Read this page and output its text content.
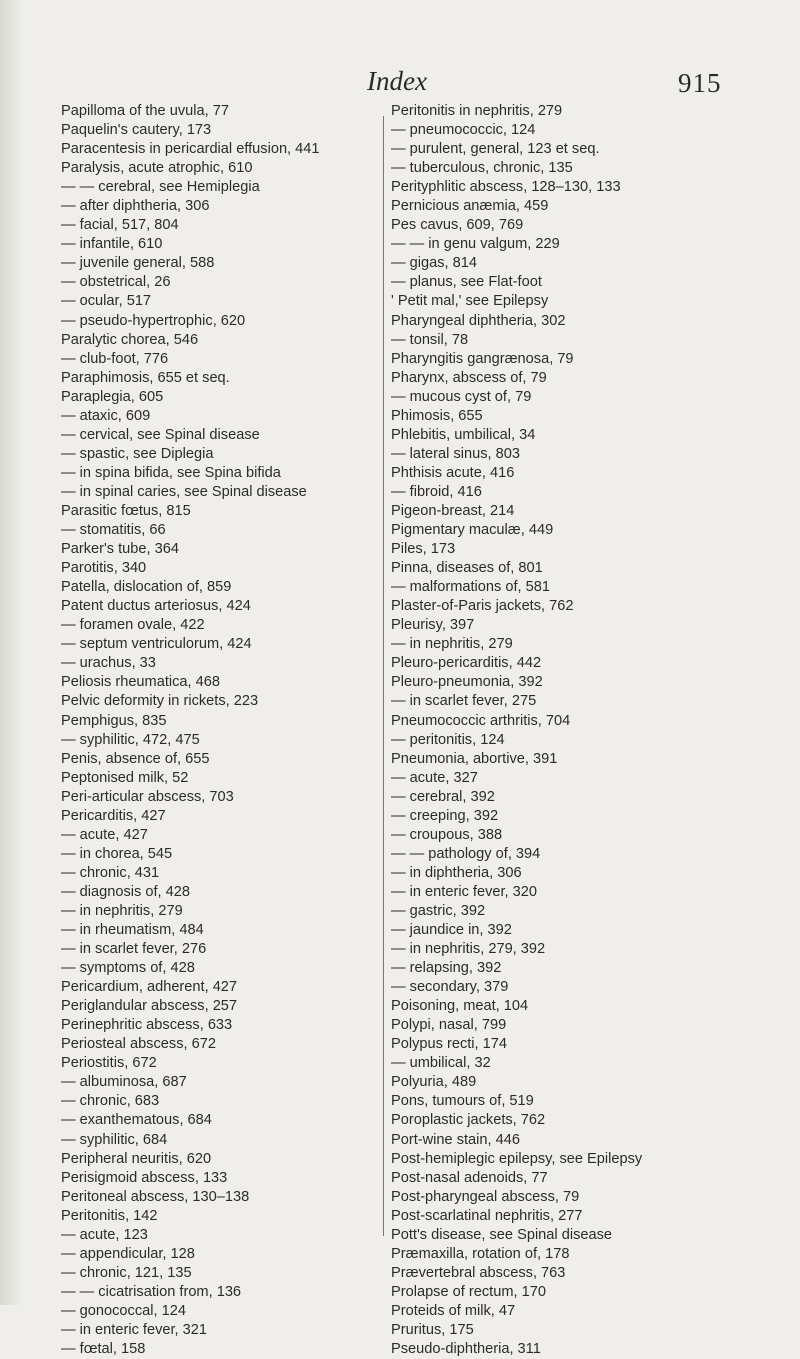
Index	915
Papilloma of the uvula, 77
Paquelin's cautery, 173
Paracentesis in pericardial effusion, 441
Paralysis, acute atrophic, 610
— — cerebral, see Hemiplegia
— after diphtheria, 306
— facial, 517, 804
— infantile, 610
— juvenile general, 588
— obstetrical, 26
— ocular, 517
— pseudo-hypertrophic, 620
Paralytic chorea, 546
— club-foot, 776
Paraphimosis, 655 et seq.
Paraplegia, 605
— ataxic, 609
— cervical, see Spinal disease
— spastic, see Diplegia
— in spina bifida, see Spina bifida
— in spinal caries, see Spinal disease
Parasitic fœtus, 815
— stomatitis, 66
Parker's tube, 364
Parotitis, 340
Patella, dislocation of, 859
Patent ductus arteriosus, 424
— foramen ovale, 422
— septum ventriculorum, 424
— urachus, 33
Peliosis rheumatica, 468
Pelvic deformity in rickets, 223
Pemphigus, 835
— syphilitic, 472, 475
Penis, absence of, 655
Peptonised milk, 52
Peri-articular abscess, 703
Pericarditis, 427
— acute, 427
— in chorea, 545
— chronic, 431
— diagnosis of, 428
— in nephritis, 279
— in rheumatism, 484
— in scarlet fever, 276
— symptoms of, 428
Pericardium, adherent, 427
Periglandular abscess, 257
Perinephritic abscess, 633
Periosteal abscess, 672
Periostitis, 672
— albuminosa, 687
— chronic, 683
— exanthematous, 684
— syphilitic, 684
Peripheral neuritis, 620
Perisigmoid abscess, 133
Peritoneal abscess, 130–138
Peritonitis, 142
— acute, 123
— appendicular, 128
— chronic, 121, 135
— — cicatrisation from, 136
— gonococcal, 124
— in enteric fever, 321
— fœtal, 158
Peritonitis in nephritis, 279
— pneumococcic, 124
— purulent, general, 123 et seq.
— tuberculous, chronic, 135
Perityphlitic abscess, 128–130, 133
Pernicious anæmia, 459
Pes cavus, 609, 769
— — in genu valgum, 229
— gigas, 814
— planus, see Flat-foot
' Petit mal,' see Epilepsy
Pharyngeal diphtheria, 302
— tonsil, 78
Pharyngitis gangrænosa, 79
Pharynx, abscess of, 79
— mucous cyst of, 79
Phimosis, 655
Phlebitis, umbilical, 34
— lateral sinus, 803
Phthisis acute, 416
— fibroid, 416
Pigeon-breast, 214
Pigmentary maculæ, 449
Piles, 173
Pinna, diseases of, 801
— malformations of, 581
Plaster-of-Paris jackets, 762
Pleurisy, 397
— in nephritis, 279
Pleuro-pericarditis, 442
Pleuro-pneumonia, 392
— in scarlet fever, 275
Pneumococcic arthritis, 704
— peritonitis, 124
Pneumonia, abortive, 391
— acute, 327
— cerebral, 392
— creeping, 392
— croupous, 388
— — pathology of, 394
— in diphtheria, 306
— in enteric fever, 320
— gastric, 392
— jaundice in, 392
— in nephritis, 279, 392
— relapsing, 392
— secondary, 379
Poisoning, meat, 104
Polypi, nasal, 799
Polypus recti, 174
— umbilical, 32
Polyuria, 489
Pons, tumours of, 519
Poroplastic jackets, 762
Port-wine stain, 446
Post-hemiplegic epilepsy, see Epilepsy
Post-nasal adenoids, 77
Post-pharyngeal abscess, 79
Post-scarlatinal nephritis, 277
Pott's disease, see Spinal disease
Præmaxilla, rotation of, 178
Prævertebral abscess, 763
Prolapse of rectum, 170
Proteids of milk, 47
Pruritus, 175
Pseudo-diphtheria, 311
